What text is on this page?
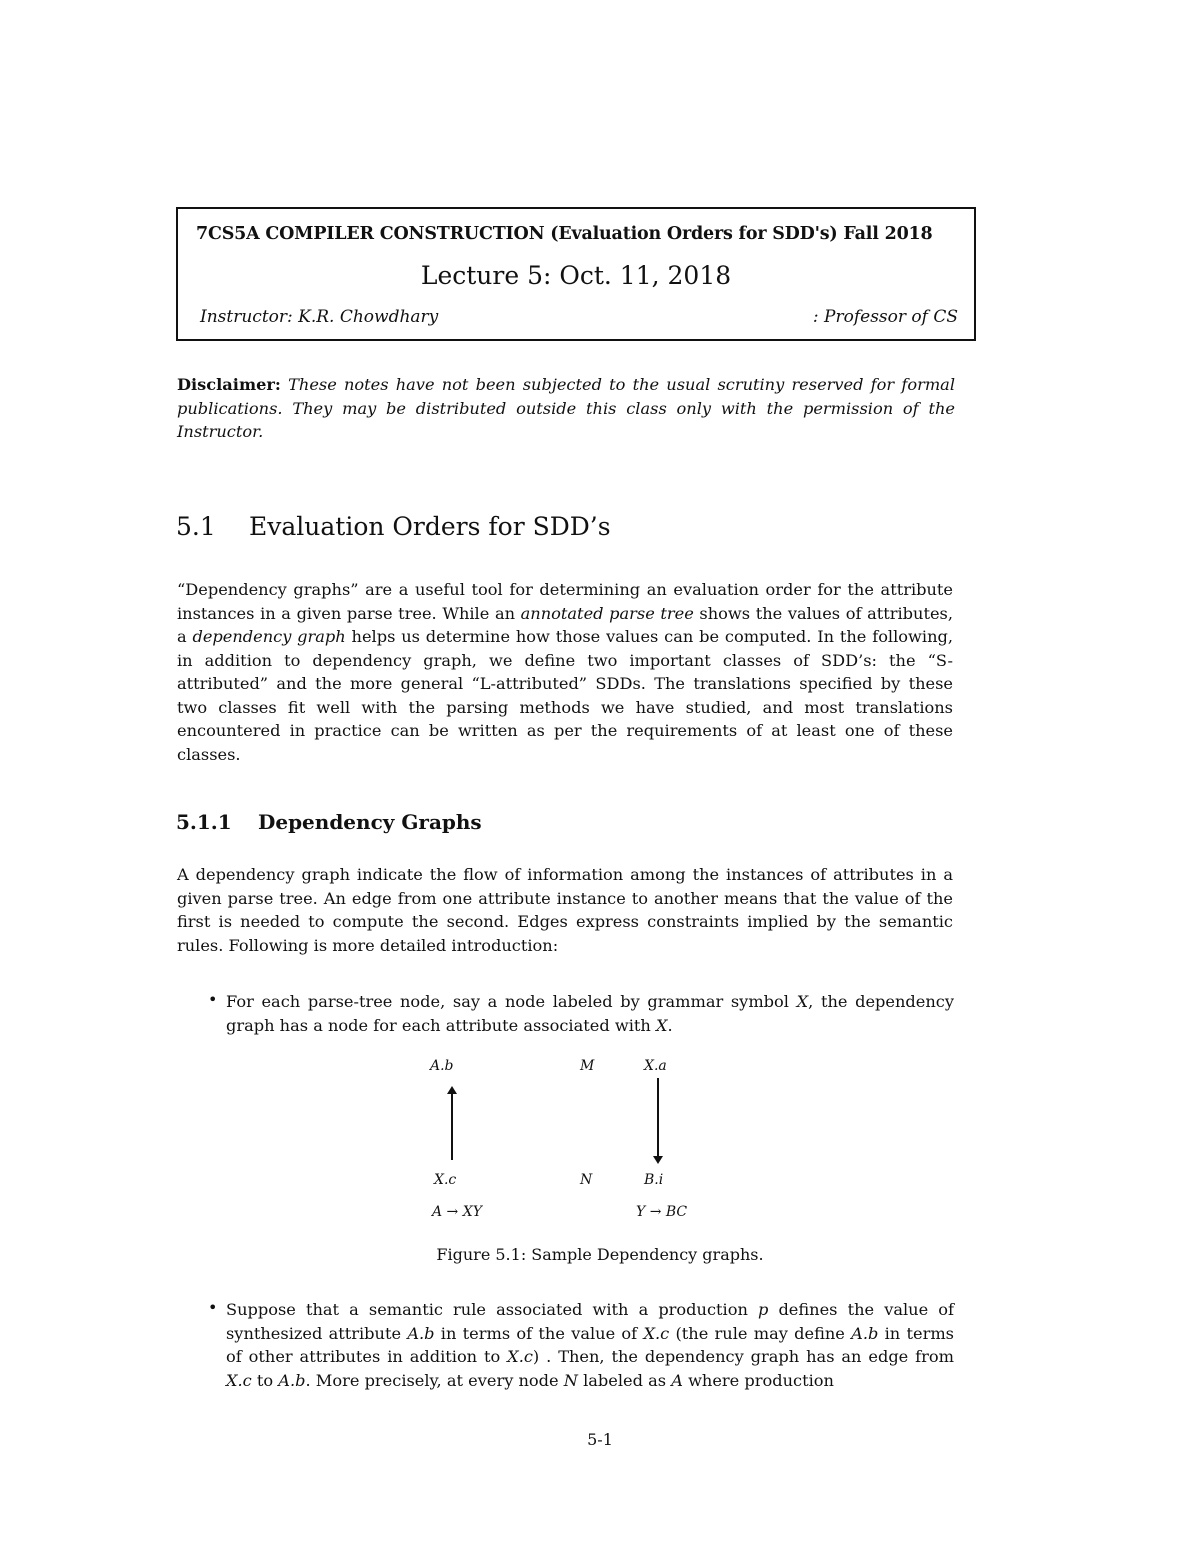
7CS5A COMPILER CONSTRUCTION (Evaluation Orders for SDD's) Fall 2018
Lecture 5: Oct. 11, 2018
Instructor: K.R. Chowdhary	: Professor of CS
Disclaimer: These notes have not been subjected to the usual scrutiny reserved for formal publications. They may be distributed outside this class only with the permission of the Instructor.
5.1 Evaluation Orders for SDD’s
“Dependency graphs” are a useful tool for determining an evaluation order for the attribute instances in a given parse tree. While an annotated parse tree shows the values of attributes, a dependency graph helps us determine how those values can be computed. In the following, in addition to dependency graph, we define two important classes of SDD’s: the “S-attributed” and the more general “L-attributed” SDDs. The translations specified by these two classes fit well with the parsing methods we have studied, and most translations encountered in practice can be written as per the requirements of at least one of these classes.
5.1.1 Dependency Graphs
A dependency graph indicate the flow of information among the instances of attributes in a given parse tree. An edge from one attribute instance to another means that the value of the first is needed to compute the second. Edges express constraints implied by the semantic rules. Following is more detailed introduction:
• For each parse-tree node, say a node labeled by grammar symbol X, the dependency graph has a node for each attribute associated with X.
A.b	M	X.a
X.c	N	B.i
A → XY	Y → BC
Figure 5.1: Sample Dependency graphs.
• Suppose that a semantic rule associated with a production p defines the value of synthesized attribute A.b in terms of the value of X.c (the rule may define A.b in terms of other attributes in addition to X.c) . Then, the dependency graph has an edge from X.c to A.b. More precisely, at every node N labeled as A where production
5-1
